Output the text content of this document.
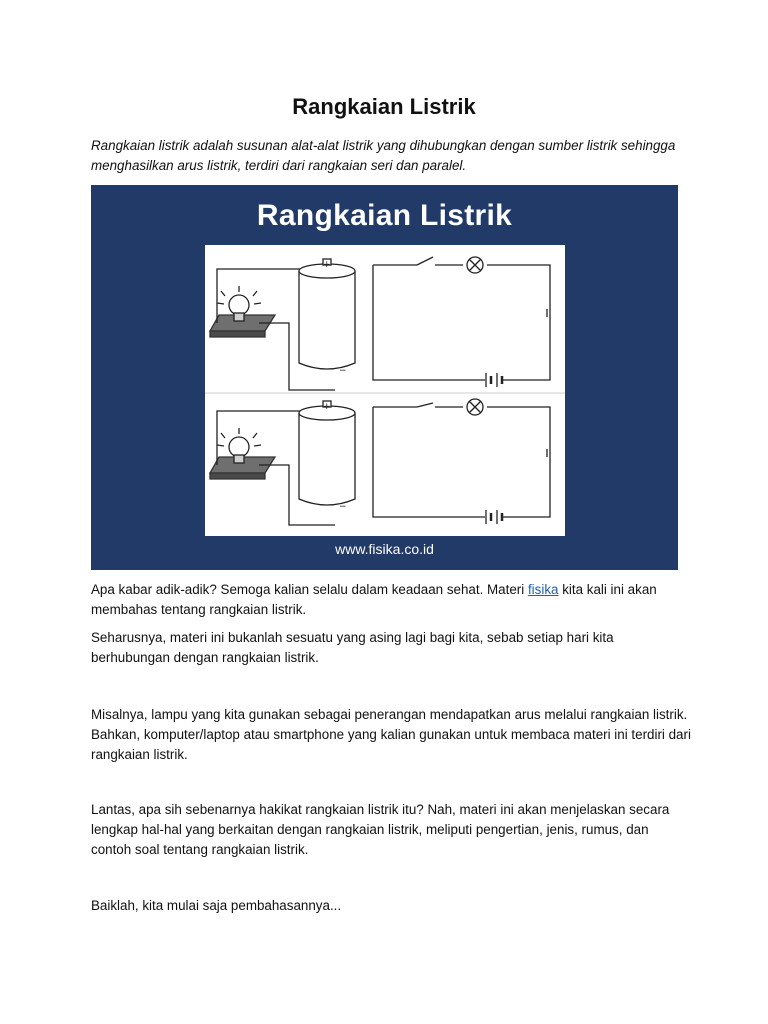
Rangkaian Listrik
Rangkaian listrik adalah susunan alat-alat listrik yang dihubungkan dengan sumber listrik sehingga menghasilkan arus listrik, terdiri dari rangkaian seri dan paralel.
Rangkaian Listrik
+
−
+
−
www.fisika.co.id
Apa kabar adik-adik? Semoga kalian selalu dalam keadaan sehat. Materi fisika kita kali ini akan membahas tentang rangkaian listrik.
Seharusnya, materi ini bukanlah sesuatu yang asing lagi bagi kita, sebab setiap hari kita berhubungan dengan rangkaian listrik.
Misalnya, lampu yang kita gunakan sebagai penerangan mendapatkan arus melalui rangkaian listrik. Bahkan, komputer/laptop atau smartphone yang kalian gunakan untuk membaca materi ini terdiri dari rangkaian listrik.
Lantas, apa sih sebenarnya hakikat rangkaian listrik itu? Nah, materi ini akan menjelaskan secara lengkap hal-hal yang berkaitan dengan rangkaian listrik, meliputi pengertian, jenis, rumus, dan contoh soal tentang rangkaian listrik.
Baiklah, kita mulai saja pembahasannya...
